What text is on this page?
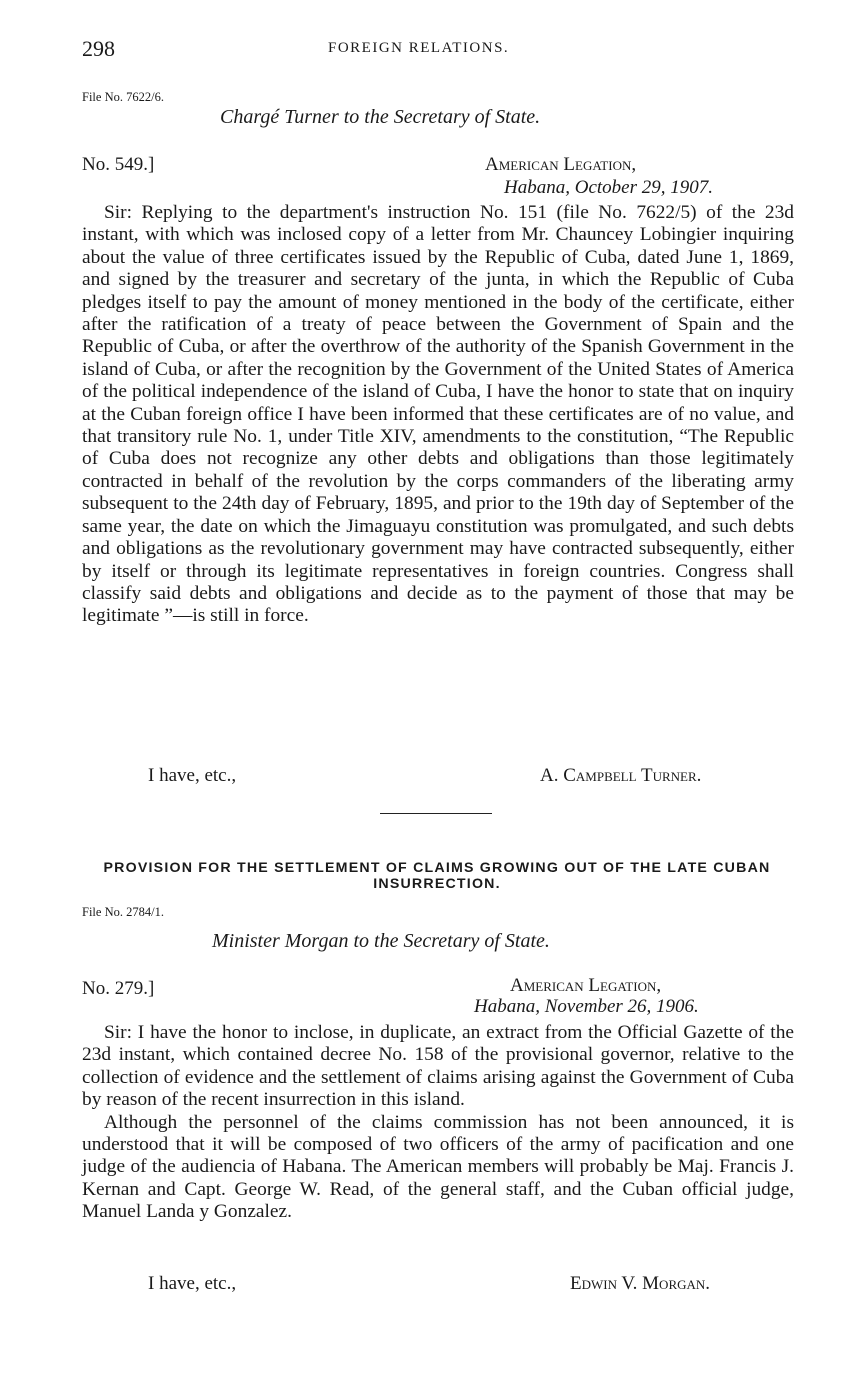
298	FOREIGN RELATIONS.
File No. 7622/6.
Chargé Turner to the Secretary of State.
No. 549.]	American Legation,
Habana, October 29, 1907.

Sir: Replying to the department's instruction No. 151 (file No. 7622/5) of the 23d instant, with which was inclosed copy of a letter from Mr. Chauncey Lobingier inquiring about the value of three certificates issued by the Republic of Cuba, dated June 1, 1869, and signed by the treasurer and secretary of the junta, in which the Republic of Cuba pledges itself to pay the amount of money mentioned in the body of the certificate, either after the ratification of a treaty of peace between the Government of Spain and the Republic of Cuba, or after the overthrow of the authority of the Spanish Government in the island of Cuba, or after the recognition by the Government of the United States of America of the political independence of the island of Cuba, I have the honor to state that on inquiry at the Cuban foreign office I have been informed that these certificates are of no value, and that transitory rule No. 1, under Title XIV, amendments to the constitution, “The Republic of Cuba does not recognize any other debts and obligations than those legitimately contracted in behalf of the revolution by the corps commanders of the liberating army subsequent to the 24th day of February, 1895, and prior to the 19th day of September of the same year, the date on which the Jimaguayu constitution was promulgated, and such debts and obligations as the revolutionary government may have contracted subsequently, either by itself or through its legitimate representatives in foreign countries. Congress shall classify said debts and obligations and decide as to the payment of those that may be legitimate ”—is still in force.

I have, etc.,	A. Campbell Turner.
PROVISION FOR THE SETTLEMENT OF CLAIMS GROWING OUT OF THE LATE CUBAN INSURRECTION.
File No. 2784/1.
Minister Morgan to the Secretary of State.
No. 279.]	American Legation,
Habana, November 26, 1906.

Sir: I have the honor to inclose, in duplicate, an extract from the Official Gazette of the 23d instant, which contained decree No. 158 of the provisional governor, relative to the collection of evidence and the settlement of claims arising against the Government of Cuba by reason of the recent insurrection in this island.

Although the personnel of the claims commission has not been announced, it is understood that it will be composed of two officers of the army of pacification and one judge of the audiencia of Habana. The American members will probably be Maj. Francis J. Kernan and Capt. George W. Read, of the general staff, and the Cuban official judge, Manuel Landa y Gonzalez.

I have, etc.,	Edwin V. Morgan.
